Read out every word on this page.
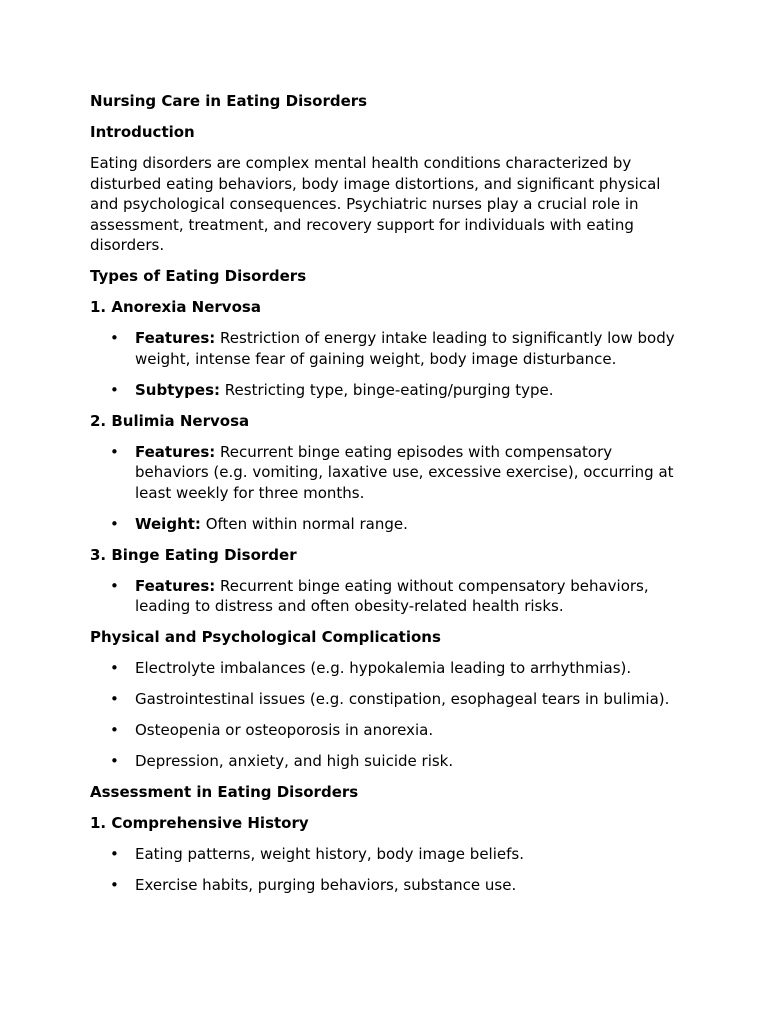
Nursing Care in Eating Disorders
Introduction

Eating disorders are complex mental health conditions characterized by disturbed eating behaviors, body image distortions, and significant physical and psychological consequences. Psychiatric nurses play a crucial role in assessment, treatment, and recovery support for individuals with eating disorders.

Types of Eating Disorders
1. Anorexia Nervosa
• Features: Restriction of energy intake leading to significantly low body weight, intense fear of gaining weight, body image disturbance.
• Subtypes: Restricting type, binge-eating/purging type.
2. Bulimia Nervosa
• Features: Recurrent binge eating episodes with compensatory behaviors (e.g. vomiting, laxative use, excessive exercise), occurring at least weekly for three months.
• Weight: Often within normal range.
3. Binge Eating Disorder
• Features: Recurrent binge eating without compensatory behaviors, leading to distress and often obesity-related health risks.
Physical and Psychological Complications
• Electrolyte imbalances (e.g. hypokalemia leading to arrhythmias).
• Gastrointestinal issues (e.g. constipation, esophageal tears in bulimia).
• Osteopenia or osteoporosis in anorexia.
• Depression, anxiety, and high suicide risk.
Assessment in Eating Disorders
1. Comprehensive History
• Eating patterns, weight history, body image beliefs.
• Exercise habits, purging behaviors, substance use.
